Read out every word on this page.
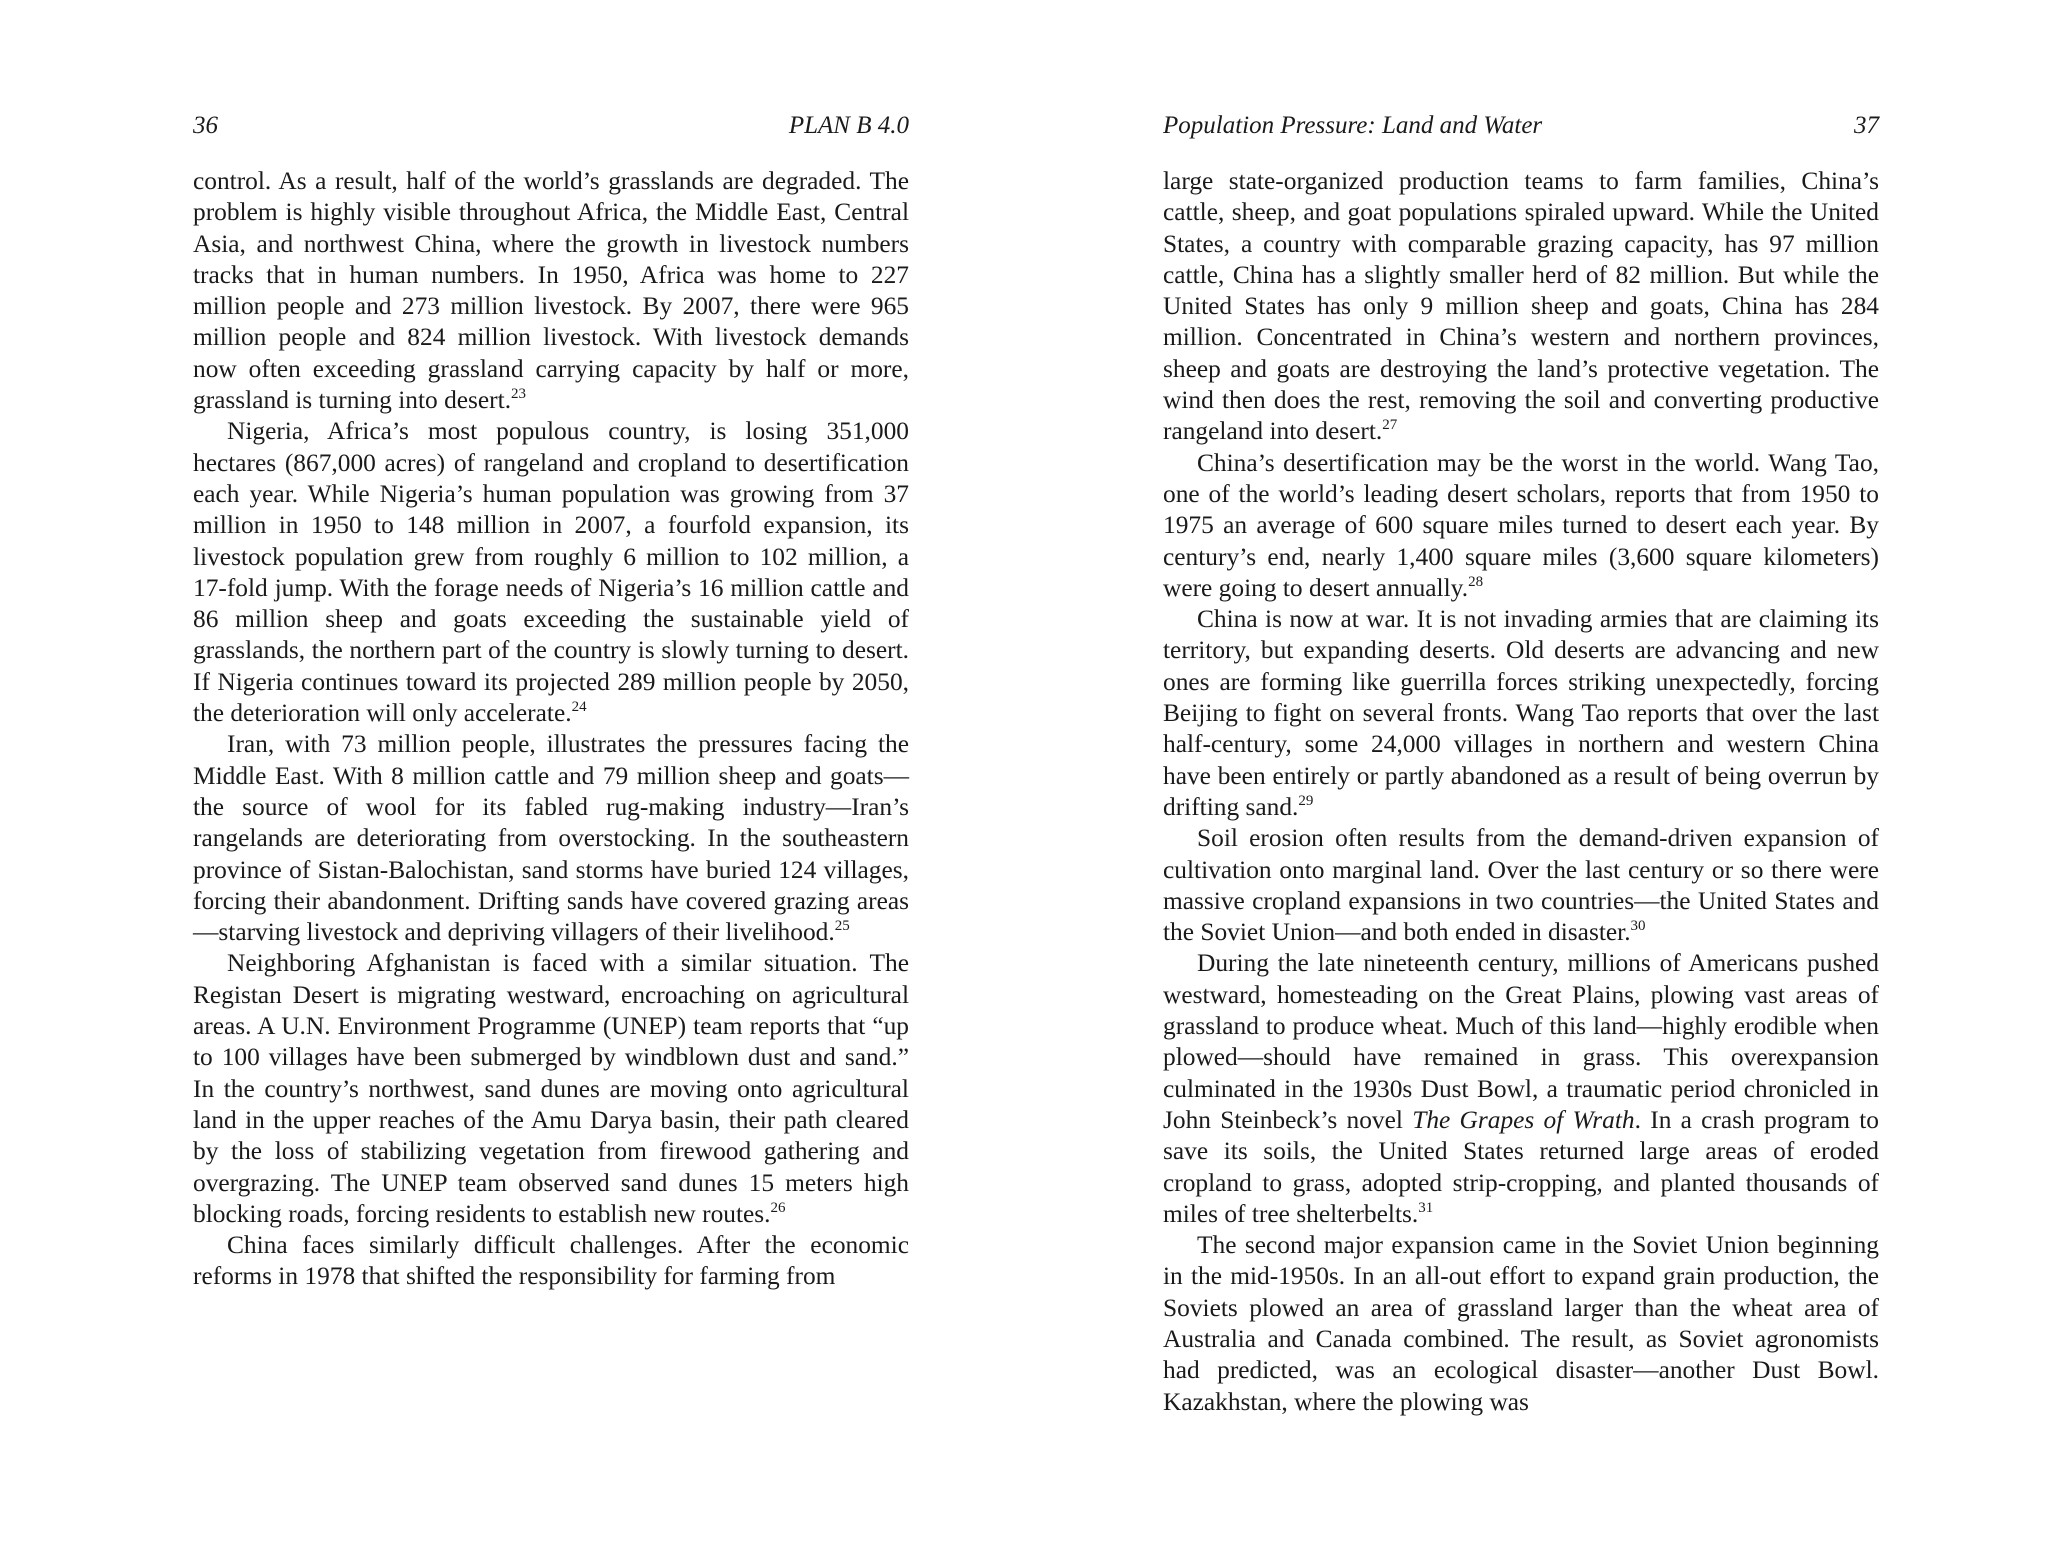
36	PLAN B 4.0

control. As a result, half of the world’s grasslands are degraded. The problem is highly visible throughout Africa, the Middle East, Central Asia, and northwest China, where the growth in livestock numbers tracks that in human numbers. In 1950, Africa was home to 227 million people and 273 million livestock. By 2007, there were 965 million people and 824 million livestock. With livestock demands now often exceeding grassland carrying capacity by half or more, grassland is turning into desert.$^{23}$

Nigeria, Africa’s most populous country, is losing 351,000 hectares (867,000 acres) of rangeland and cropland to desertification each year. While Nigeria’s human population was growing from 37 million in 1950 to 148 million in 2007, a fourfold expansion, its livestock population grew from roughly 6 million to 102 million, a 17-fold jump. With the forage needs of Nigeria’s 16 million cattle and 86 million sheep and goats exceeding the sustainable yield of grasslands, the northern part of the country is slowly turning to desert. If Nigeria continues toward its projected 289 million people by 2050, the deterioration will only accelerate.$^{24}$

Iran, with 73 million people, illustrates the pressures facing the Middle East. With 8 million cattle and 79 million sheep and goats—the source of wool for its fabled rug-making industry—Iran’s rangelands are deteriorating from overstocking. In the southeastern province of Sistan-Balochistan, sand storms have buried 124 villages, forcing their abandonment. Drifting sands have covered grazing areas—starving livestock and depriving villagers of their livelihood.$^{25}$

Neighboring Afghanistan is faced with a similar situation. The Registan Desert is migrating westward, encroaching on agricultural areas. A U.N. Environment Programme (UNEP) team reports that “up to 100 villages have been submerged by windblown dust and sand.” In the country’s northwest, sand dunes are moving onto agricultural land in the upper reaches of the Amu Darya basin, their path cleared by the loss of stabilizing vegetation from firewood gathering and overgrazing. The UNEP team observed sand dunes 15 meters high blocking roads, forcing residents to establish new routes.$^{26}$

China faces similarly difficult challenges. After the economic reforms in 1978 that shifted the responsibility for farming from

Population Pressure: Land and Water	37

large state-organized production teams to farm families, China’s cattle, sheep, and goat populations spiraled upward. While the United States, a country with comparable grazing capacity, has 97 million cattle, China has a slightly smaller herd of 82 million. But while the United States has only 9 million sheep and goats, China has 284 million. Concentrated in China’s western and northern provinces, sheep and goats are destroying the land’s protective vegetation. The wind then does the rest, removing the soil and converting productive rangeland into desert.$^{27}$

China’s desertification may be the worst in the world. Wang Tao, one of the world’s leading desert scholars, reports that from 1950 to 1975 an average of 600 square miles turned to desert each year. By century’s end, nearly 1,400 square miles (3,600 square kilometers) were going to desert annually.$^{28}$

China is now at war. It is not invading armies that are claiming its territory, but expanding deserts. Old deserts are advancing and new ones are forming like guerrilla forces striking unexpectedly, forcing Beijing to fight on several fronts. Wang Tao reports that over the last half-century, some 24,000 villages in northern and western China have been entirely or partly abandoned as a result of being overrun by drifting sand.$^{29}$

Soil erosion often results from the demand-driven expansion of cultivation onto marginal land. Over the last century or so there were massive cropland expansions in two countries—the United States and the Soviet Union—and both ended in disaster.$^{30}$

During the late nineteenth century, millions of Americans pushed westward, homesteading on the Great Plains, plowing vast areas of grassland to produce wheat. Much of this land—highly erodible when plowed—should have remained in grass. This overexpansion culminated in the 1930s Dust Bowl, a traumatic period chronicled in John Steinbeck’s novel The Grapes of Wrath. In a crash program to save its soils, the United States returned large areas of eroded cropland to grass, adopted strip-cropping, and planted thousands of miles of tree shelterbelts.$^{31}$

The second major expansion came in the Soviet Union beginning in the mid-1950s. In an all-out effort to expand grain production, the Soviets plowed an area of grassland larger than the wheat area of Australia and Canada combined. The result, as Soviet agronomists had predicted, was an ecological disaster—another Dust Bowl. Kazakhstan, where the plowing was
